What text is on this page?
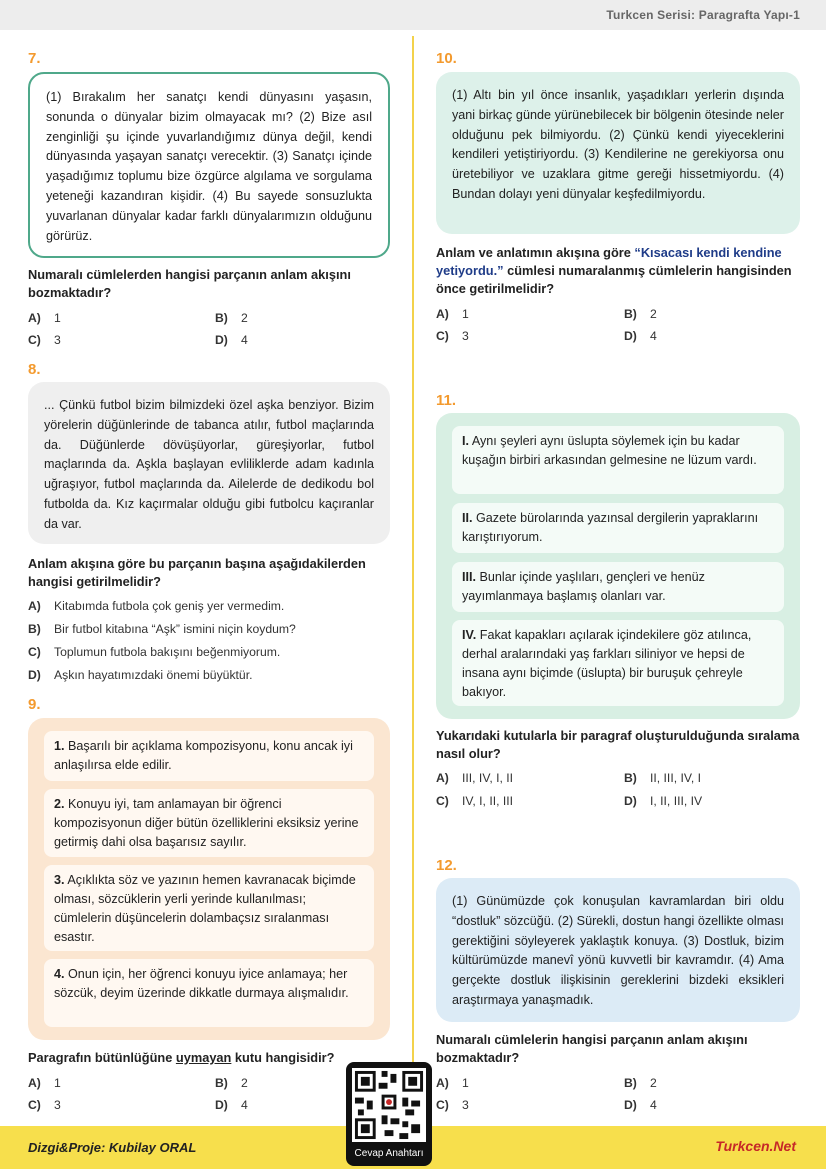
Turkcen Serisi: Paragrafta Yapı-1
7.
(1) Bırakalım her sanatçı kendi dünyasını yaşasın, sonunda o dünyalar bizim olmayacak mı? (2) Bize asıl zenginliği şu içinde yuvarlandığımız dünya değil, kendi dünyasında yaşayan sanatçı verecektir. (3) Sanatçı içinde yaşadığımız toplumu bize özgürce algılama ve sorgulama yeteneği kazandıran kişidir. (4) Bu sayede sonsuzlukta yuvarlanan dünyalar kadar farklı dünyalarımızın olduğunu görürüz.
Numaralı cümlelerden hangisi parçanın anlam akışını bozmaktadır?
A) 1	B) 2
C) 3	D) 4
8.
... Çünkü futbol bizim bilmizdeki özel aşka benziyor. Bizim yörelerin düğünlerinde de tabanca atılır, futbol maçlarında da. Düğünlerde dövüşüyorlar, güreşiyorlar, futbol maçlarında da. Aşkla başlayan evliliklerde adam kadınla uğraşıyor, futbol maçlarında da. Ailelerde de dedikodu bol futbolda da. Kız kaçırmalar olduğu gibi futbolcu kaçıranlar da var.
Anlam akışına göre bu parçanın başına aşağıdakilerden hangisi getirilmelidir?
A) Kitabımda futbola çok geniş yer vermedim.
B) Bir futbol kitabına “Aşk” ismini niçin koydum?
C) Toplumun futbola bakışını beğenmiyorum.
D) Aşkın hayatımızdaki önemi büyüktür.
9.
1. Başarılı bir açıklama kompozisyonu, konu ancak iyi anlaşılırsa elde edilir.
2. Konuyu iyi, tam anlamayan bir öğrenci kompozisyonun diğer bütün özelliklerini eksiksiz yerine getirmiş dahi olsa başarısız sayılır.
3. Açıklıkta söz ve yazının hemen kavranacak biçimde olması, sözcüklerin yerli yerinde kullanılması; cümlelerin düşüncelerin dolambaçsız sıralanması esastır.
4. Onun için, her öğrenci konuyu iyice anlamaya; her sözcük, deyim üzerinde dikkatle durmaya alışmalıdır.
Paragrafın bütünlüğüne uymayan kutu hangisidir?
A) 1	B) 2
C) 3	D) 4
10.
(1) Altı bin yıl önce insanlık, yaşadıkları yerlerin dışında yani birkaç günde yürünebilecek bir bölgenin ötesinde neler olduğunu pek bilmiyordu. (2) Çünkü kendi yiyeceklerini kendileri yetiştiriyordu. (3) Kendilerine ne gerekiyorsa onu üretebiliyor ve uzaklara gitme gereği hissetmiyordu. (4) Bundan dolayı yeni dünyalar keşfedilmiyordu.
Anlam ve anlatımın akışına göre “Kısacası kendi kendine yetiyordu.” cümlesi numaralanmış cümlelerin hangisinden önce getirilmelidir?
A) 1	B) 2
C) 3	D) 4
11.
I. Aynı şeyleri aynı üslupta söylemek için bu kadar kuşağın birbiri arkasından gelmesine ne lüzum vardı.
II. Gazete bürolarında yazınsal dergilerin yapraklarını karıştırıyorum.
III. Bunlar içinde yaşlıları, gençleri ve henüz yayımlanmaya başlamış olanları var.
IV. Fakat kapakları açılarak içindekilere göz atılınca, derhal aralarındaki yaş farkları siliniyor ve hepsi de insana aynı biçimde (üslupta) bir buruşuk çehreyle bakıyor.
Yukarıdaki kutularla bir paragraf oluşturulduğunda sıralama nasıl olur?
A) III, IV, I, II	B) II, III, IV, I
C) IV, I, II, III	D) I, II, III, IV
12.
(1) Günümüzde çok konuşulan kavramlardan biri oldu “dostluk” sözcüğü. (2) Sürekli, dostun hangi özellikte olması gerektiğini söyleyerek yaklaştık konuya. (3) Dostluk, bizim kültürümüzde manevî yönü kuvvetli bir kavramdır. (4) Ama gerçekte dostluk ilişkisinin gereklerini bizdeki eksikleri araştırmaya yanaşmadık.
Numaralı cümlelerin hangisi parçanın anlam akışını bozmaktadır?
A) 1	B) 2
C) 3	D) 4
Dizgi&Proje: Kubilay ORAL	Turkcen.Net
Cevap Anahtarı
